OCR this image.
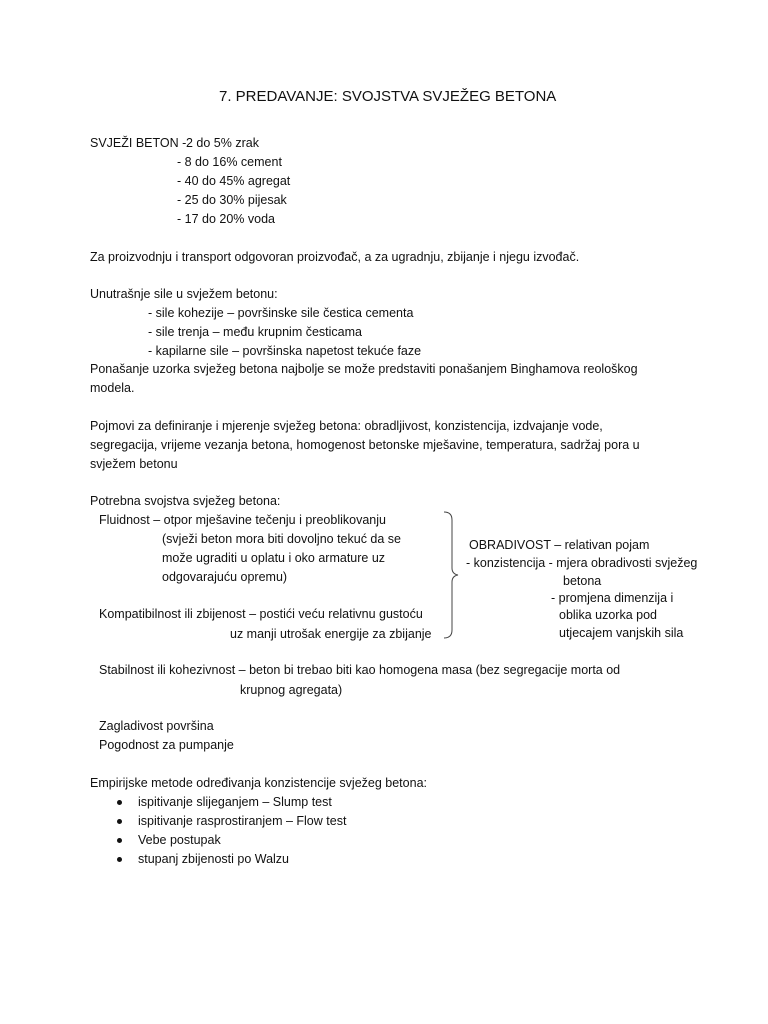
7. PREDAVANJE: SVOJSTVA SVJEŽEG BETONA
SVJEŽI BETON - 2 do 5% zrak
- 8 do 16% cement
- 40 do 45% agregat
- 25 do 30% pijesak
- 17 do 20% voda
Za proizvodnju i transport odgovoran proizvođač, a za ugradnju, zbijanje i njegu izvođač.
Unutrašnje sile u svježem betonu:
- sile kohezije – površinske sile čestica cementa
- sile trenja – među krupnim česticama
- kapilarne sile – površinska napetost tekuće faze
Ponašanje uzorka svježeg betona najbolje se može predstaviti ponašanjem Binghamova reološkog
modela.
Pojmovi za definiranje i mjerenje svježeg betona: obradljivost, konzistencija, izdvajanje vode,
segregacija, vrijeme vezanja betona, homogenost betonske mješavine, temperatura, sadržaj pora u
svježem betonu
Potrebna svojstva svježeg betona:
Fluidnost – otpor mješavine tečenju i preoblikovanju
(svježi beton mora biti dovoljno tekuć da se
može ugraditi u oplatu i oko armature uz
odgovarajuću opremu)
Kompatibilnost ili zbijenost – postići veću relativnu gustoću
uz manji utrošak energije za zbijanje
OBRADIVOST – relativan pojam
- konzistencija - mjera obradivosti svježeg
betona
- promjena dimenzija i
oblika uzorka pod
utjecajem vanjskih sila
Stabilnost ili kohezivnost – beton bi trebao biti kao homogena masa (bez segregacije morta od
krupnog agregata)
Zagladivost površina
Pogodnost za pumpanje
Empirijske metode određivanja konzistencije svježeg betona:
ispitivanje slijeganjem – Slump test
ispitivanje rasprostiranjem – Flow test
Vebe postupak
stupanj zbijenosti po Walzu
